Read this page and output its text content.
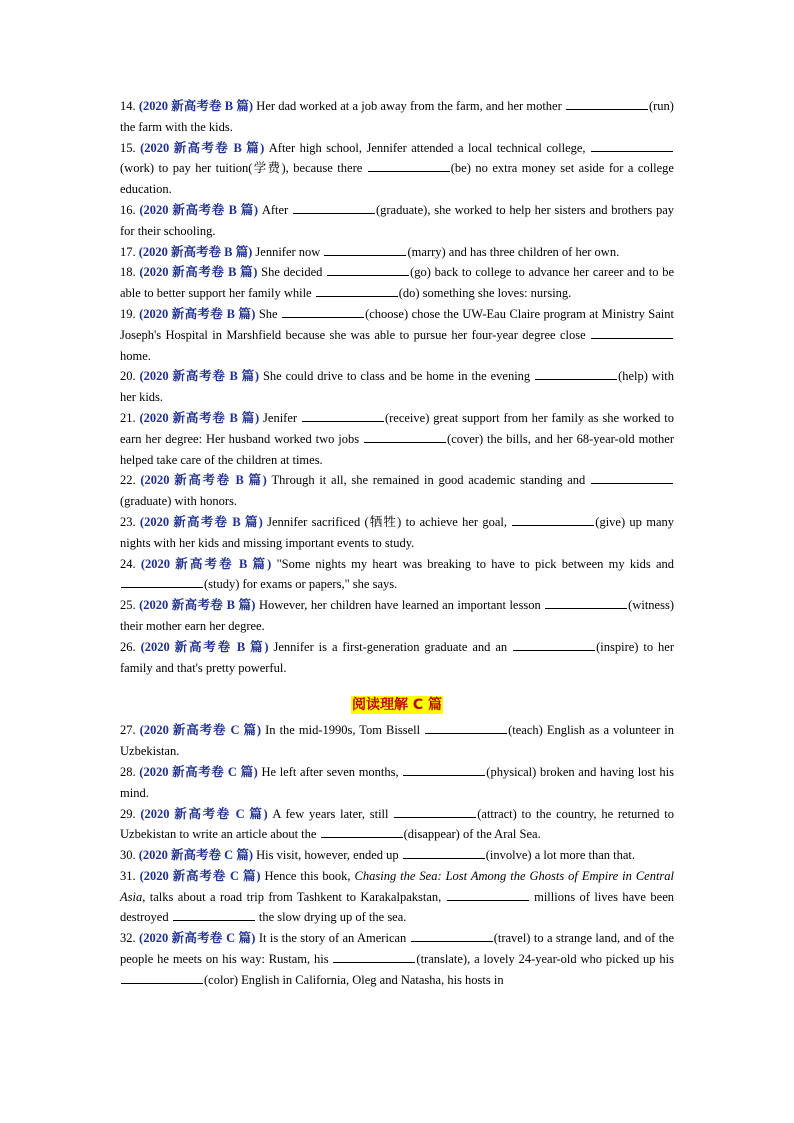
14. (2020 新高考卷 B 篇) Her dad worked at a job away from the farm, and her mother	(run) the farm with the kids.
15. (2020 新高考卷 B 篇) After high school, Jennifer attended a local technical college, (work) to pay her tuition(学费), because there	(be) no extra money set aside for a college education.
16. (2020 新高考卷 B 篇) After	(graduate), she worked to help her sisters and brothers pay for their schooling.
17. (2020 新高考卷 B 篇) Jennifer now	(marry) and has three children of her own.
18. (2020 新高考卷 B 篇) She decided	(go) back to college to advance her career and to be able to better support her family while	(do) something she loves: nursing.
19. (2020 新高考卷 B 篇) She	(choose) chose the UW-Eau Claire program at Ministry Saint Joseph's Hospital in Marshfield because she was able to pursue her four-year degree close  home.
20. (2020 新高考卷 B 篇) She could drive to class and be home in the evening	(help) with her kids.
21. (2020 新高考卷 B 篇) Jenifer	(receive) great support from her family as she worked to earn her degree: Her husband worked two jobs	(cover) the bills, and her 68-year-old mother helped take care of the children at times.
22. (2020 新高考卷 B 篇) Through it all, she remained in good academic standing and (graduate) with honors.
23. (2020 新高考卷 B 篇) Jennifer sacrificed (牺牲) to achieve her goal,	(give) up many nights with her kids and missing important events to study.
24. (2020 新高考卷 B 篇) "Some nights my heart was breaking to have to pick between my kids and (study) for exams or papers," she says.
25. (2020 新高考卷 B 篇) However, her children have learned an important lesson	(witness) their mother earn her degree.
26. (2020 新高考卷 B 篇) Jennifer is a first-generation graduate and an	(inspire) to her family and that's pretty powerful.
阅读理解 C 篇
27. (2020 新高考卷 C 篇) In the mid-1990s, Tom Bissell	(teach) English as a volunteer in Uzbekistan.
28. (2020 新高考卷 C 篇) He left after seven months,	(physical) broken and having lost his mind.
29. (2020 新高考卷 C 篇) A few years later, still	(attract) to the country, he returned to Uzbekistan to write an article about the	(disappear) of the Aral Sea.
30. (2020 新高考卷 C 篇) His visit, however, ended up	(involve) a lot more than that.
31. (2020 新高考卷 C 篇) Hence this book, Chasing the Sea: Lost Among the Ghosts of Empire in Central Asia, talks about a road trip from Tashkent to Karakalpakstan,	millions of lives have been destroyed	the slow drying up of the sea.
32. (2020 新高考卷 C 篇) It is the story of an American	(travel) to a strange land, and of the people he meets on his way: Rustam, his	(translate), a lovely 24-year-old who picked up his (color) English in California, Oleg and Natasha, his hosts in
